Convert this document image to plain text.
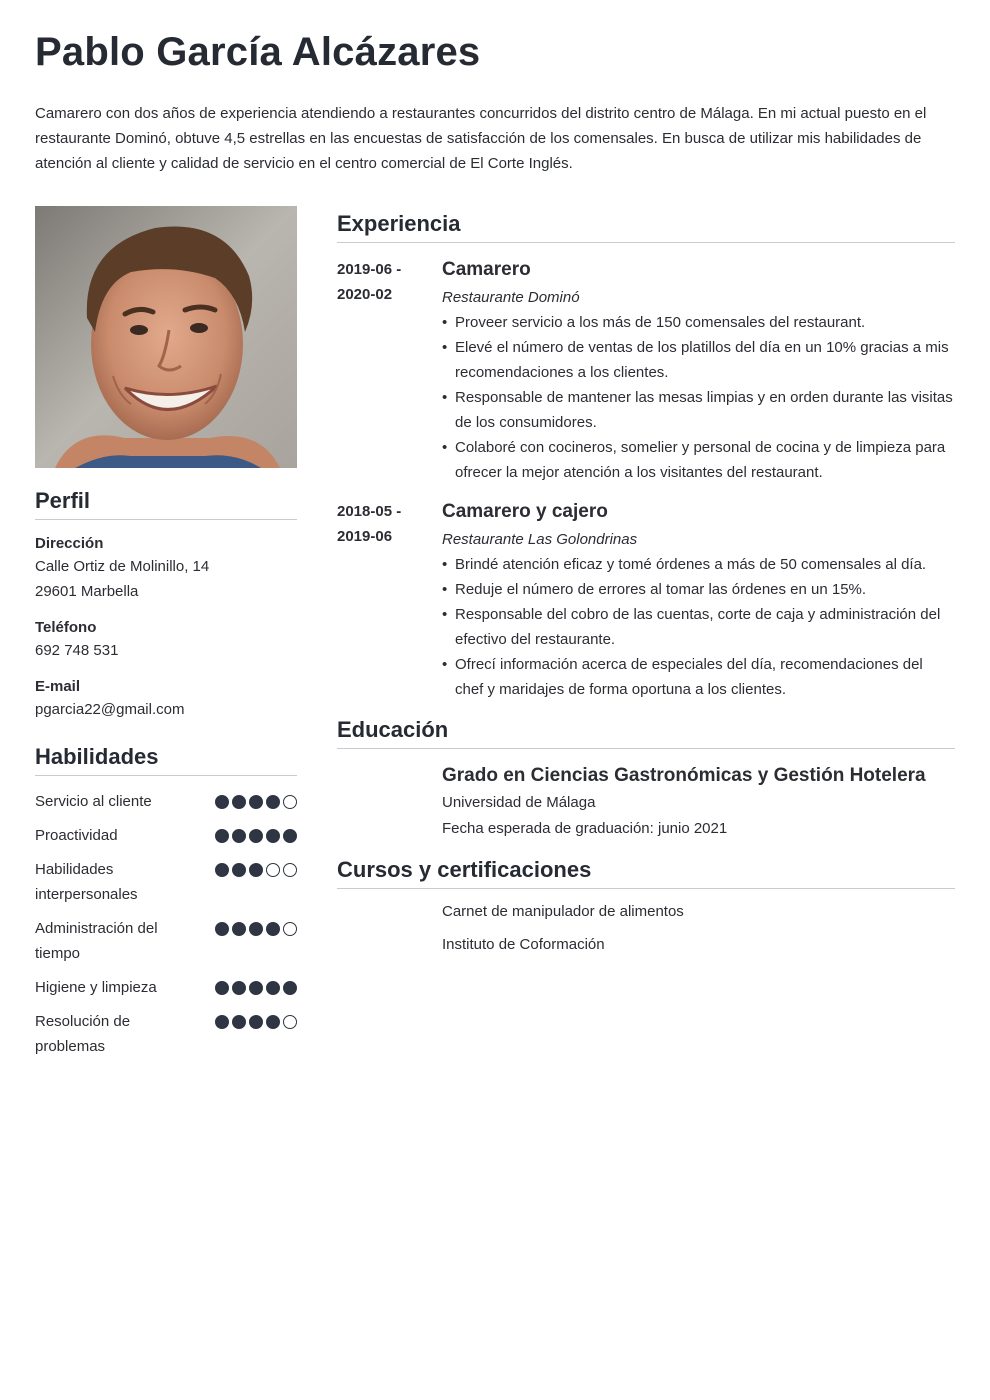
Pablo García Alcázares

Camarero con dos años de experiencia atendiendo a restaurantes concurridos del distrito centro de Málaga. En mi actual puesto en el restaurante Dominó, obtuve 4,5 estrellas en las encuestas de satisfacción de los comensales. En busca de utilizar mis habilidades de atención al cliente y calidad de servicio en el centro comercial de El Corte Inglés.

Perfil
Dirección
Calle Ortiz de Molinillo, 14
29601 Marbella
Teléfono
692 748 531
E-mail
pgarcia22@gmail.com
Habilidades
Servicio al cliente
Proactividad
Habilidades interpersonales
Administración del tiempo
Higiene y limpieza
Resolución de problemas
Experiencia
2019-06 -
2020-02
Camarero
Restaurante Dominó
• Proveer servicio a los más de 150 comensales del restaurant.
• Elevé el número de ventas de los platillos del día en un 10% gracias a mis recomendaciones a los clientes.
• Responsable de mantener las mesas limpias y en orden durante las visitas de los consumidores.
• Colaboré con cocineros, somelier y personal de cocina y de limpieza para ofrecer la mejor atención a los visitantes del restaurant.
2018-05 -
2019-06
Camarero y cajero
Restaurante Las Golondrinas
• Brindé atención eficaz y tomé órdenes a más de 50 comensales al día.
• Reduje el número de errores al tomar las órdenes en un 15%.
• Responsable del cobro de las cuentas, corte de caja y administración del efectivo del restaurante.
• Ofrecí información acerca de especiales del día, recomendaciones del chef y maridajes de forma oportuna a los clientes.
Educación
Grado en Ciencias Gastronómicas y Gestión Hotelera
Universidad de Málaga
Fecha esperada de graduación: junio 2021
Cursos y certificaciones
Carnet de manipulador de alimentos
Instituto de Coformación
